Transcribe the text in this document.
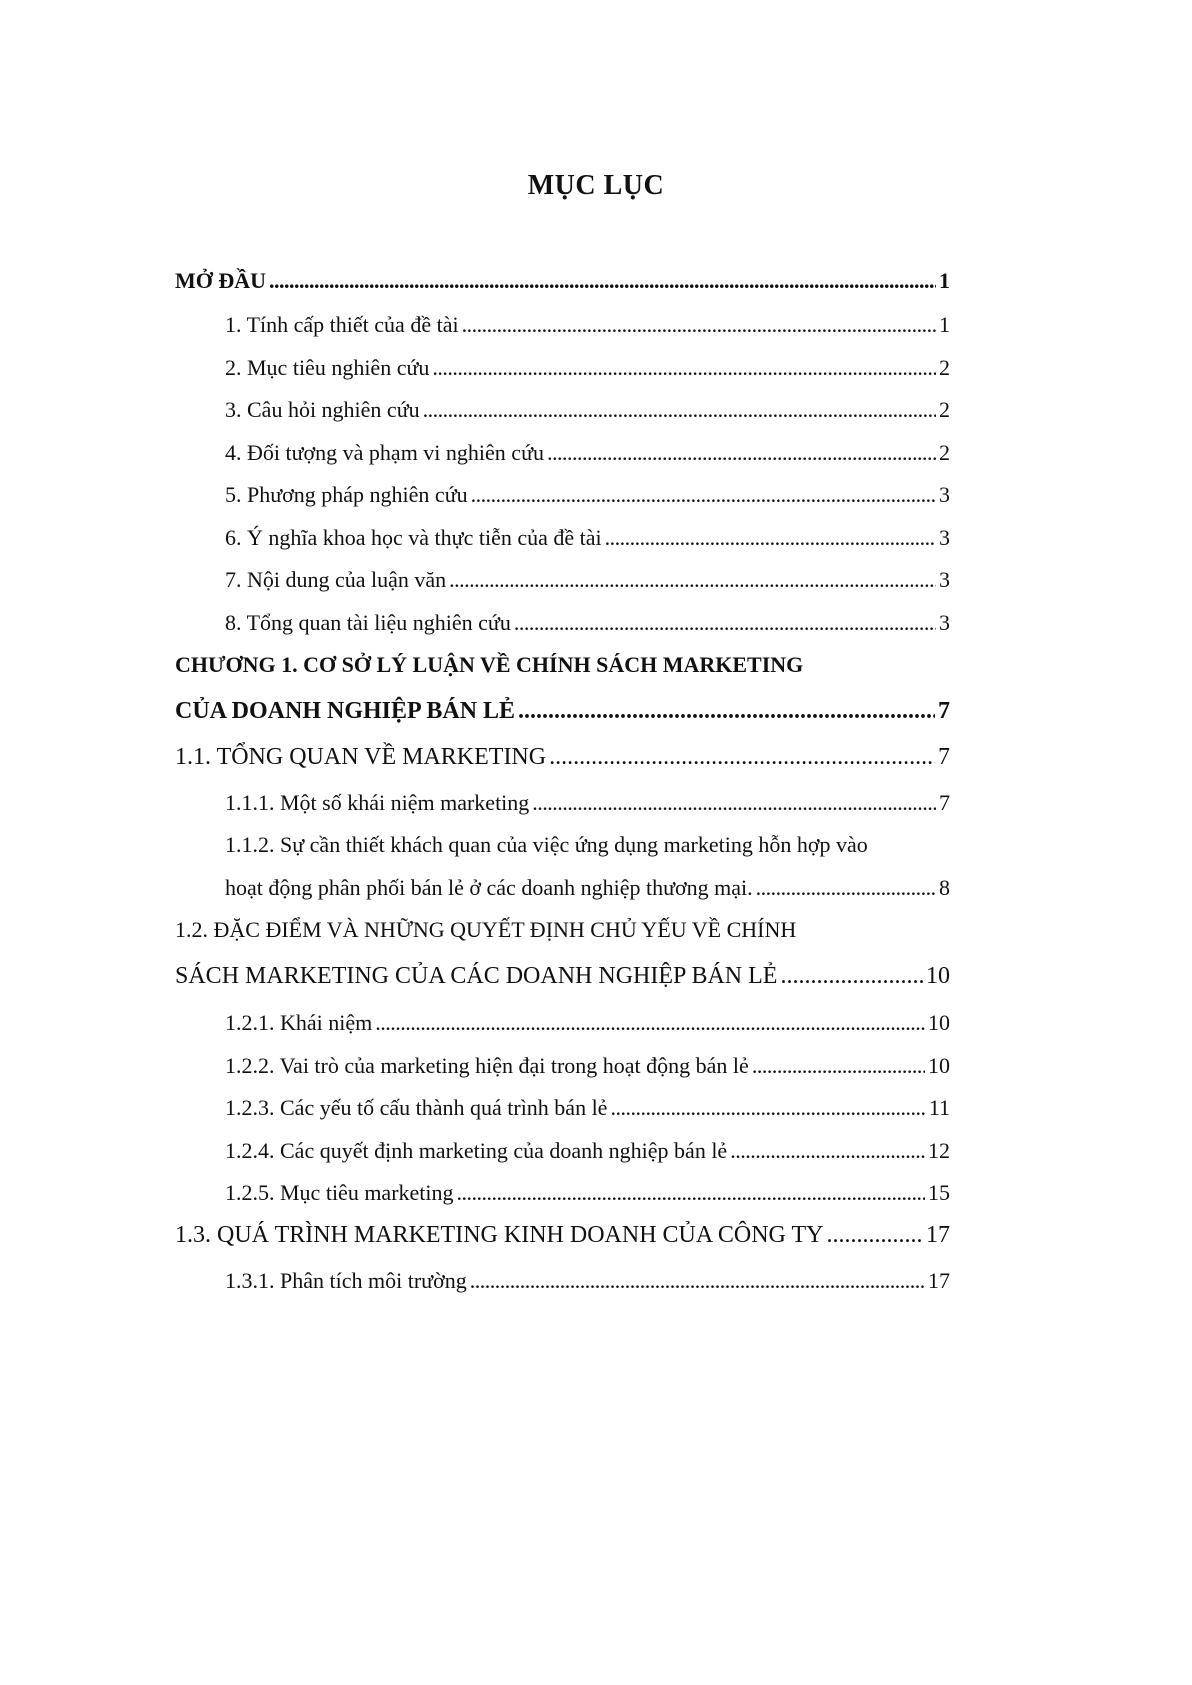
MỤC LỤC
MỞ ĐẦU . . .	1
1. Tính cấp thiết của đề tài . . .	1
2. Mục tiêu nghiên cứu . . .	2
3. Câu hỏi nghiên cứu . . .	2
4. Đối tượng và phạm vi nghiên cứu . . .	2
5. Phương pháp nghiên cứu . . .	3
6. Ý nghĩa khoa học và thực tiễn của đề tài . . .	3
7. Nội dung của luận văn . . .	3
8. Tổng quan tài liệu nghiên cứu . . .	3
CHƯƠNG 1. CƠ SỞ LÝ LUẬN VỀ CHÍNH SÁCH MARKETING
CỦA DOANH NGHIỆP BÁN LẺ . . .	7
1.1. TỔNG QUAN VỀ MARKETING . . .	7
1.1.1. Một số khái niệm marketing . . .	7
1.1.2. Sự cần thiết khách quan của việc ứng dụng marketing hỗn hợp vào
hoạt động phân phối bán lẻ ở các doanh nghiệp thương mại. . . .	8
1.2. ĐẶC ĐIỂM VÀ NHỮNG QUYẾT ĐỊNH CHỦ YẾU VỀ CHÍNH
SÁCH MARKETING CỦA CÁC DOANH NGHIỆP BÁN LẺ . . .	10
1.2.1. Khái niệm . . .	10
1.2.2. Vai trò của marketing hiện đại trong hoạt động bán lẻ . . .	10
1.2.3. Các yếu tố cấu thành quá trình bán lẻ . . .	11
1.2.4. Các quyết định marketing của doanh nghiệp bán lẻ . . .	12
1.2.5. Mục tiêu marketing . . .	15
1.3. QUÁ TRÌNH MARKETING KINH DOANH CỦA CÔNG TY . . .	17
1.3.1. Phân tích môi trường . . .	17
